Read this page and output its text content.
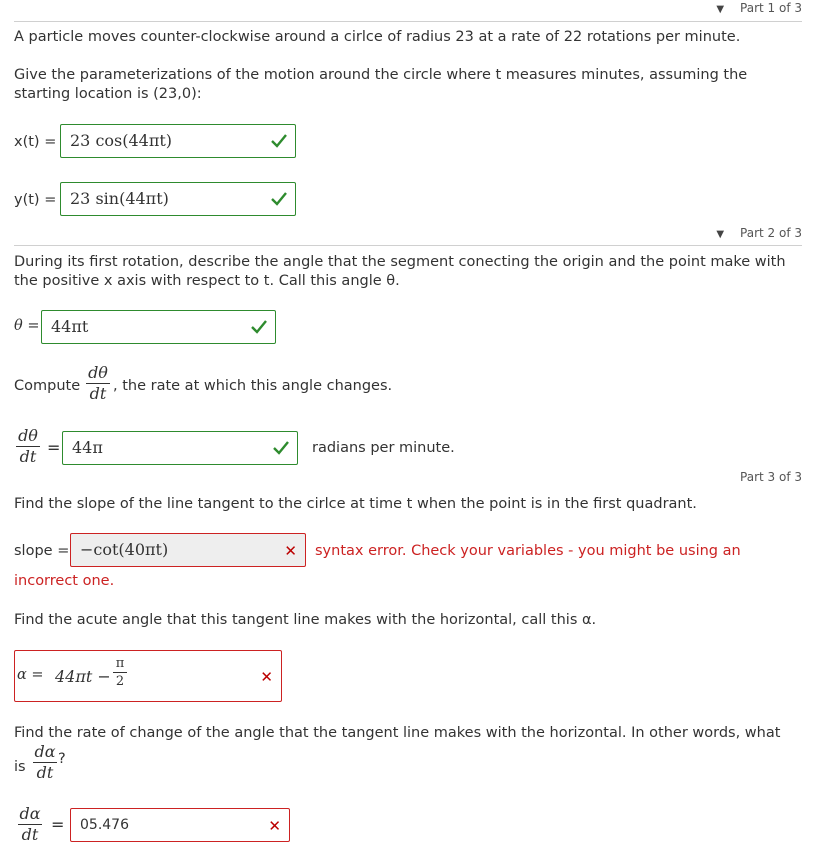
▼ Part 1 of 3
A particle moves counter-clockwise around a cirlce of radius 23 at a rate of 22 rotations per minute.
Give the parameterizations of the motion around the circle where t measures minutes, assuming the starting location is (23,0):
x(t) = 23 cos(44πt)
y(t) = 23 sin(44πt)
▼ Part 2 of 3
During its first rotation, describe the angle that the segment conecting the origin and the point make with the positive x axis with respect to t. Call this angle θ.
θ = 44πt
Compute
dθ
dt , the rate at which this angle changes.
dθ
dt = 44π	radians per minute.
Part 3 of 3
Find the slope of the line tangent to the cirlce at time t when the point is in the first quadrant.
slope = −cot(40πt)	✕ syntax error. Check your variables - you might be using an
incorrect one.
Find the acute angle that this tangent line makes with the horizontal, call this α.
α = 44πt −
π
2	✕
Find the rate of change of the angle that the tangent line makes with the horizontal. In other words, what
is
dα
dt
?
dα
dt
= 05.476	✕
